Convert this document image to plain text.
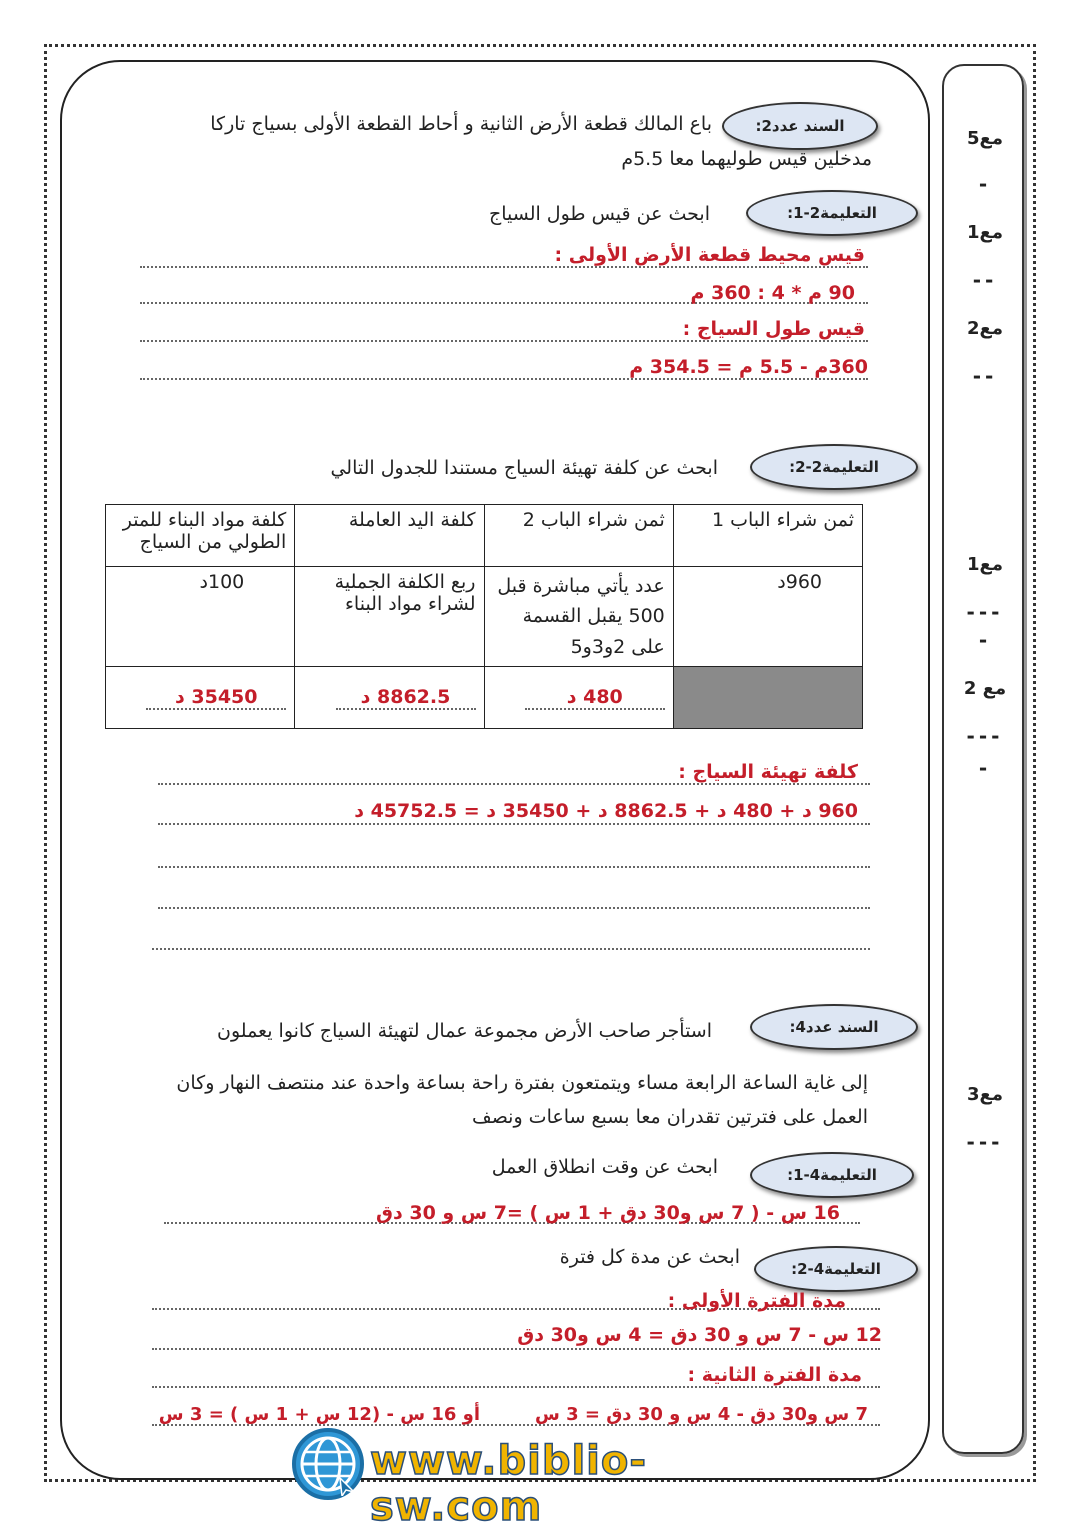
مع5
-
مع1
--
مع2
--
مع1
---
-
مع 2
---
-
مع3
---
السند عدد2:
باع المالك قطعة الأرض الثانية و أحاط القطعة الأولى بسياج تاركا
مدخلين قيس طوليهما معا 5.5م
التعليمة2-1:
ابحث عن قيس طول السياج
قيس محيط قطعة الأرض الأولى :
90 م * 4 : 360 م
قيس طول السياج :
360م - 5.5 م = 354.5 م
التعليمة2-2:
ابحث عن كلفة تهيئة السياج مستندا للجدول التالي
ثمن شراء الباب 1	ثمن شراء الباب 2	كلفة اليد العاملة	كلفة مواد البناء للمتر الطولي من السياج
960د	عدد يأتي مباشرة قبل 500 يقبل القسمة على 2و3و5	ربع الكلفة الجملية لشراء مواد البناء	100د
	480 د	8862.5 د	35450 د
كلفة تهيئة السياج :
960 د + 480 د + 8862.5 د + 35450 د = 45752.5 د
السند عدد4:
استأجر صاحب الأرض مجموعة عمال لتهيئة السياج كانوا يعملون
إلى غاية الساعة الرابعة مساء ويتمتعون بفترة راحة بساعة واحدة عند منتصف النهار وكان
العمل على فترتين تقدران معا بسبع ساعات ونصف
التعليمة4-1:
ابحث عن وقت انطلاق العمل
16 س - ( 7 س و30 دق + 1 س ) =7 س و 30 دق
التعليمة4-2:
ابحث عن مدة كل فترة
مدة الفترة الأولى :
12 س - 7 س و 30 دق = 4 س و30 دق
مدة الفترة الثانية :
7 س و30 دق - 4 س و 30 دق = 3 س
أو 16 س - (12 س + 1 س ) = 3 س
www.biblio-sw.com
